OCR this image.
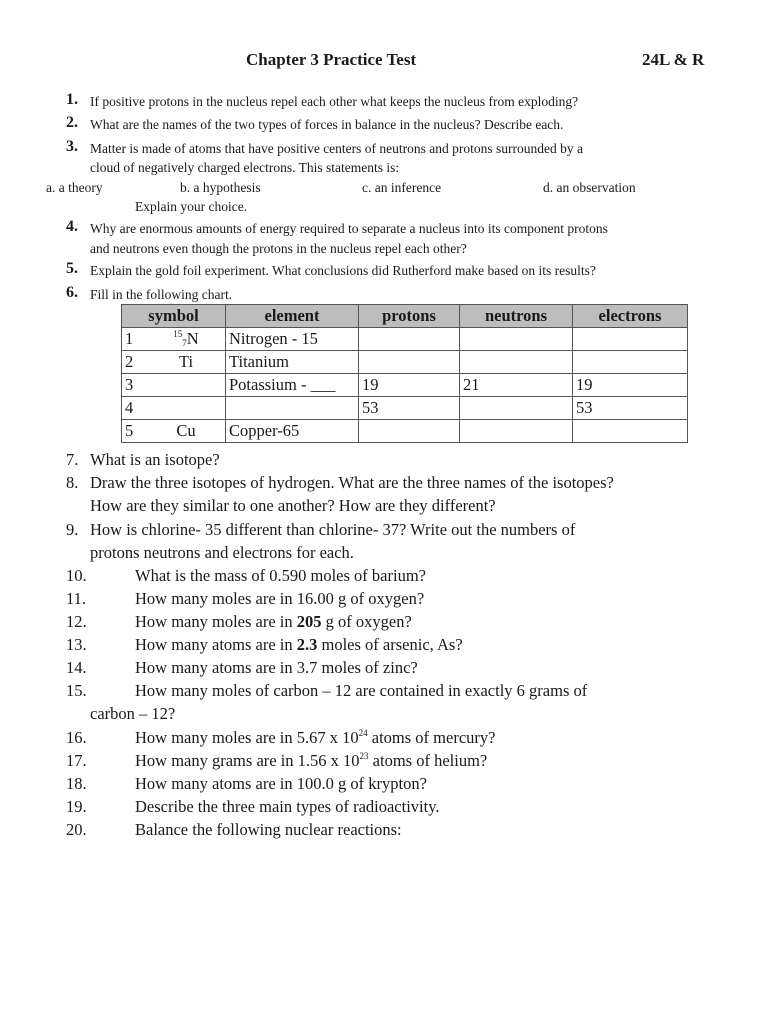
Chapter 3 Practice Test	24L & R
1. If positive protons in the nucleus repel each other what keeps the nucleus from exploding?
2. What are the names of the two types of forces in balance in the nucleus? Describe each.
3. Matter is made of atoms that have positive centers of neutrons and protons surrounded by a
cloud of negatively charged electrons. This statements is:
a. a theory	b. a hypothesis	c. an inference	d. an observation
Explain your choice.
4. Why are enormous amounts of energy required to separate a nucleus into its component protons
and neutrons even though the protons in the nucleus repel each other?
5. Explain the gold foil experiment. What conclusions did Rutherford make based on its results?
6. Fill in the following chart.
symbol	element	protons	neutrons	electrons
1 $^{15}_7$N	Nitrogen - 15			
2 Ti	Titanium			
3	Potassium - ___	19	21	19
4		53		53
5 Cu	Copper-65			
7. What is an isotope?
8. Draw the three isotopes of hydrogen. What are the three names of the isotopes?
How are they similar to one another? How are they different?
9. How is chlorine- 35 different than chlorine- 37? Write out the numbers of
protons neutrons and electrons for each.
10.	What is the mass of 0.590 moles of barium?
11.	How many moles are in 16.00 g of oxygen?
12.	How many moles are in 205 g of oxygen?
13.	How many atoms are in 2.3 moles of arsenic, As?
14.	How many atoms are in 3.7 moles of zinc?
15.	How many moles of carbon – 12 are contained in exactly 6 grams of
carbon – 12?
16.	How many moles are in 5.67 x $10^{24}$ atoms of mercury?
17.	How many grams are in 1.56 x $10^{23}$ atoms of helium?
18.	How many atoms are in 100.0 g of krypton?
19.	Describe the three main types of radioactivity.
20.	Balance the following nuclear reactions:
